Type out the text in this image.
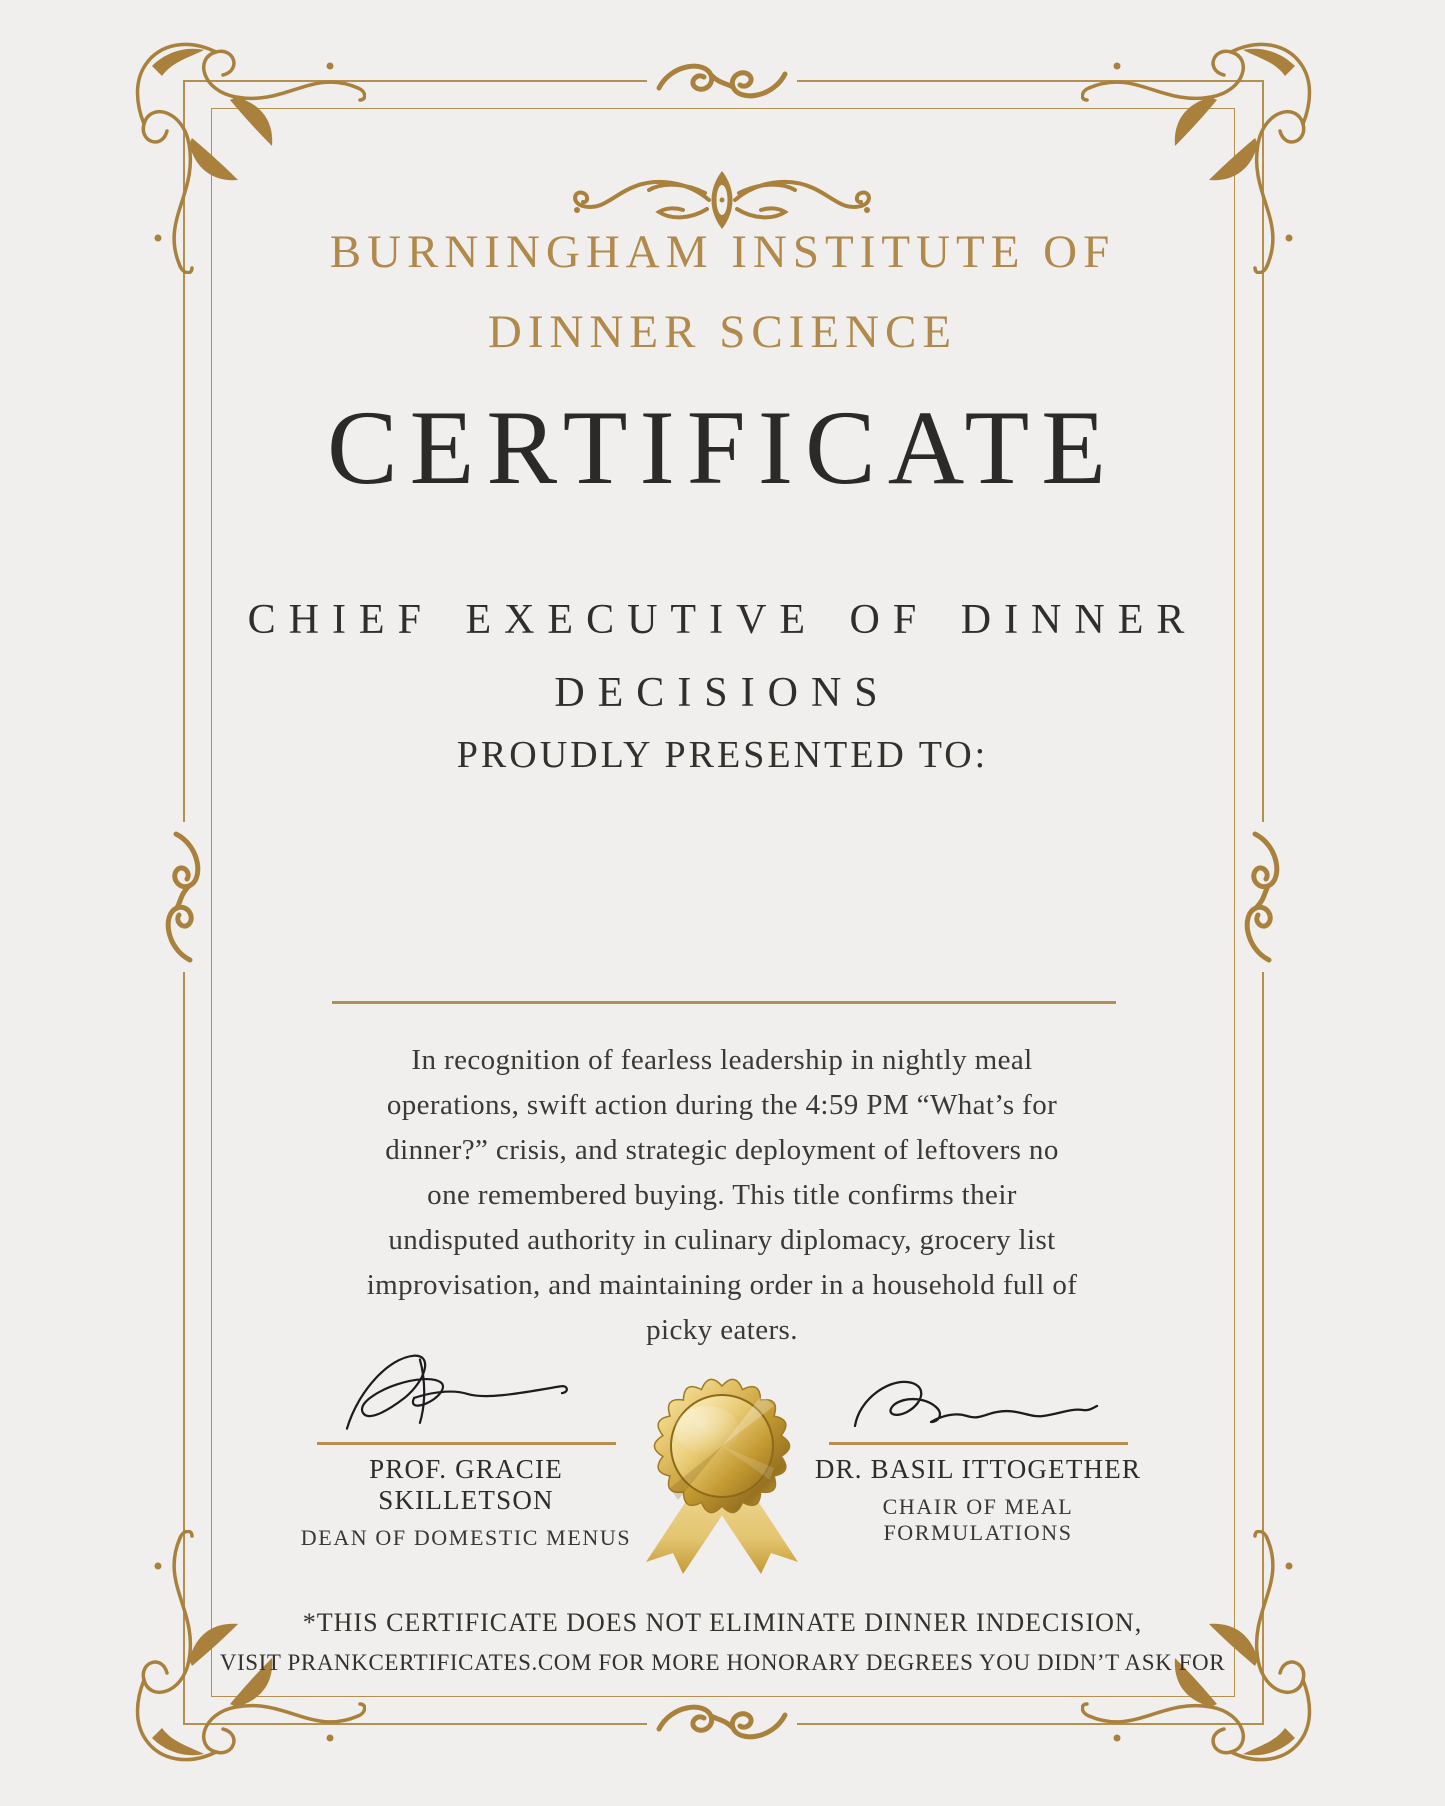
BURNINGHAM INSTITUTE OF
DINNER SCIENCE
CERTIFICATE
CHIEF EXECUTIVE OF DINNER
DECISIONS
PROUDLY PRESENTED TO:
In recognition of fearless leadership in nightly meal
operations, swift action during the 4:59 PM “What’s for
dinner?” crisis, and strategic deployment of leftovers no
one remembered buying. This title confirms their
undisputed authority in culinary diplomacy, grocery list
improvisation, and maintaining order in a household full of
picky eaters.
PROF. GRACIE SKILLETSON
DEAN OF DOMESTIC MENUS
DR. BASIL ITTOGETHER
CHAIR OF MEAL FORMULATIONS
*THIS CERTIFICATE DOES NOT ELIMINATE DINNER INDECISION,
VISIT PRANKCERTIFICATES.COM FOR MORE HONORARY DEGREES YOU DIDN’T ASK FOR
